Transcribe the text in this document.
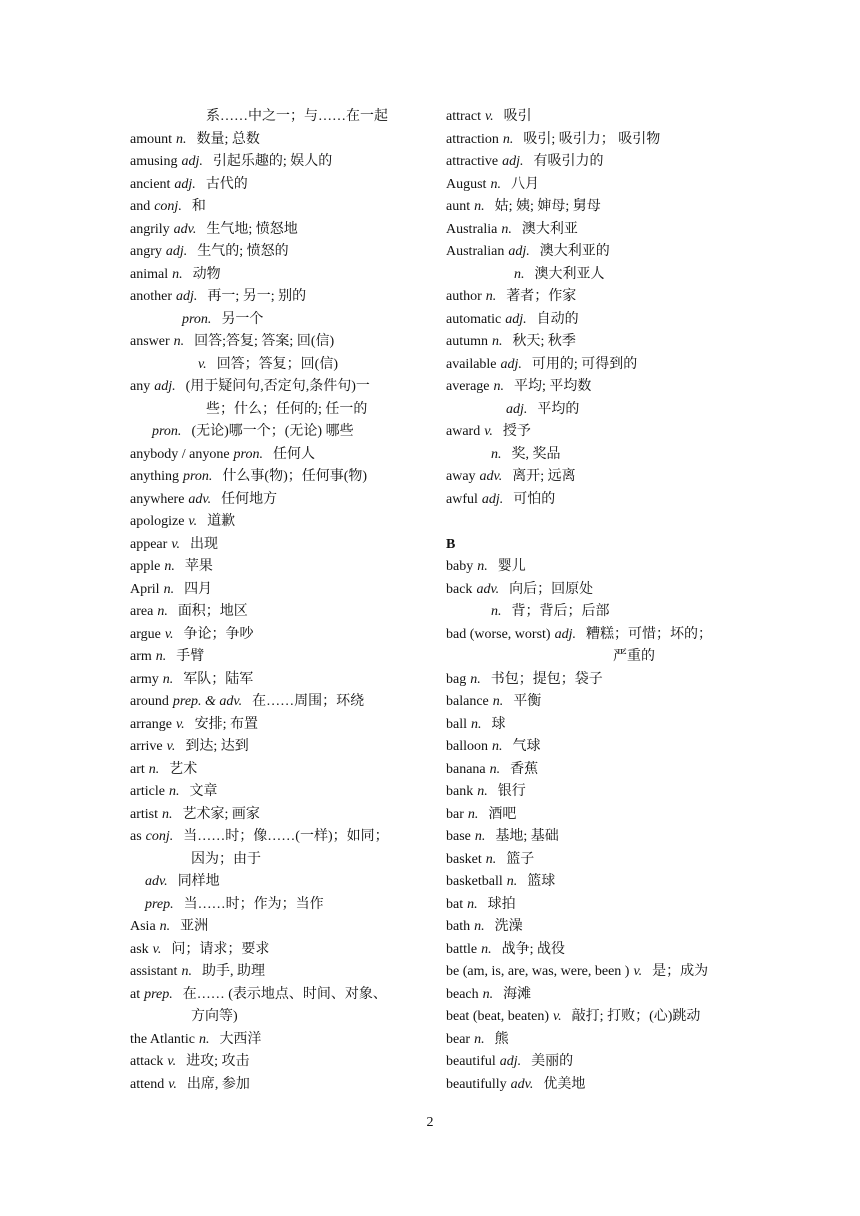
系……中之一；与……在一起
amount n. 数量; 总数
amusing adj. 引起乐趣的; 娱人的
ancient adj. 古代的
and conj. 和
angrily adv. 生气地; 愤怒地
angry adj. 生气的; 愤怒的
animal n. 动物
another adj. 再一; 另一; 别的
pron. 另一个
answer n. 回答;答复; 答案; 回(信)
v. 回答；答复；回(信)
any adj. (用于疑问句,否定句,条件句)一
些；什么；任何的; 任一的
pron. (无论)哪一个；(无论) 哪些
anybody / anyone pron. 任何人
anything pron. 什么事(物)；任何事(物)
anywhere adv. 任何地方
apologize v. 道歉
appear v. 出现
apple n. 苹果
April n. 四月
area n. 面积；地区
argue v. 争论；争吵
arm n. 手臂
army n. 军队；陆军
around prep. & adv. 在……周围；环绕
arrange v. 安排; 布置
arrive v. 到达; 达到
art n. 艺术
article n. 文章
artist n. 艺术家; 画家
as conj. 当……时；像……(一样)；如同；
因为；由于
adv. 同样地
prep. 当……时；作为；当作
Asia n. 亚洲
ask v. 问；请求；要求
assistant n. 助手, 助理
at prep. 在…… (表示地点、时间、对象、
方向等)
the Atlantic n. 大西洋
attack v. 进攻; 攻击
attend v. 出席, 参加
attract v. 吸引
attraction n. 吸引; 吸引力； 吸引物
attractive adj. 有吸引力的
August n. 八月
aunt n. 姑; 姨; 婶母; 舅母
Australia n. 澳大利亚
Australian adj. 澳大利亚的
n. 澳大利亚人
author n. 著者；作家
automatic adj. 自动的
autumn n. 秋天; 秋季
available adj. 可用的; 可得到的
average n. 平均; 平均数
adj. 平均的
award v. 授予
n. 奖, 奖品
away adv. 离开; 远离
awful adj. 可怕的
B
baby n. 婴儿
back adv. 向后；回原处
n. 背；背后；后部
bad (worse, worst) adj. 糟糕；可惜；坏的；
严重的
bag n. 书包；提包；袋子
balance n. 平衡
ball n. 球
balloon n. 气球
banana n. 香蕉
bank n. 银行
bar n. 酒吧
base n. 基地; 基础
basket n. 篮子
basketball n. 篮球
bat n. 球拍
bath n. 洗澡
battle n. 战争; 战役
be (am, is, are, was, were, been ) v. 是；成为
beach n. 海滩
beat (beat, beaten) v. 敲打; 打败；(心)跳动
bear n. 熊
beautiful adj. 美丽的
beautifully adv. 优美地
2
